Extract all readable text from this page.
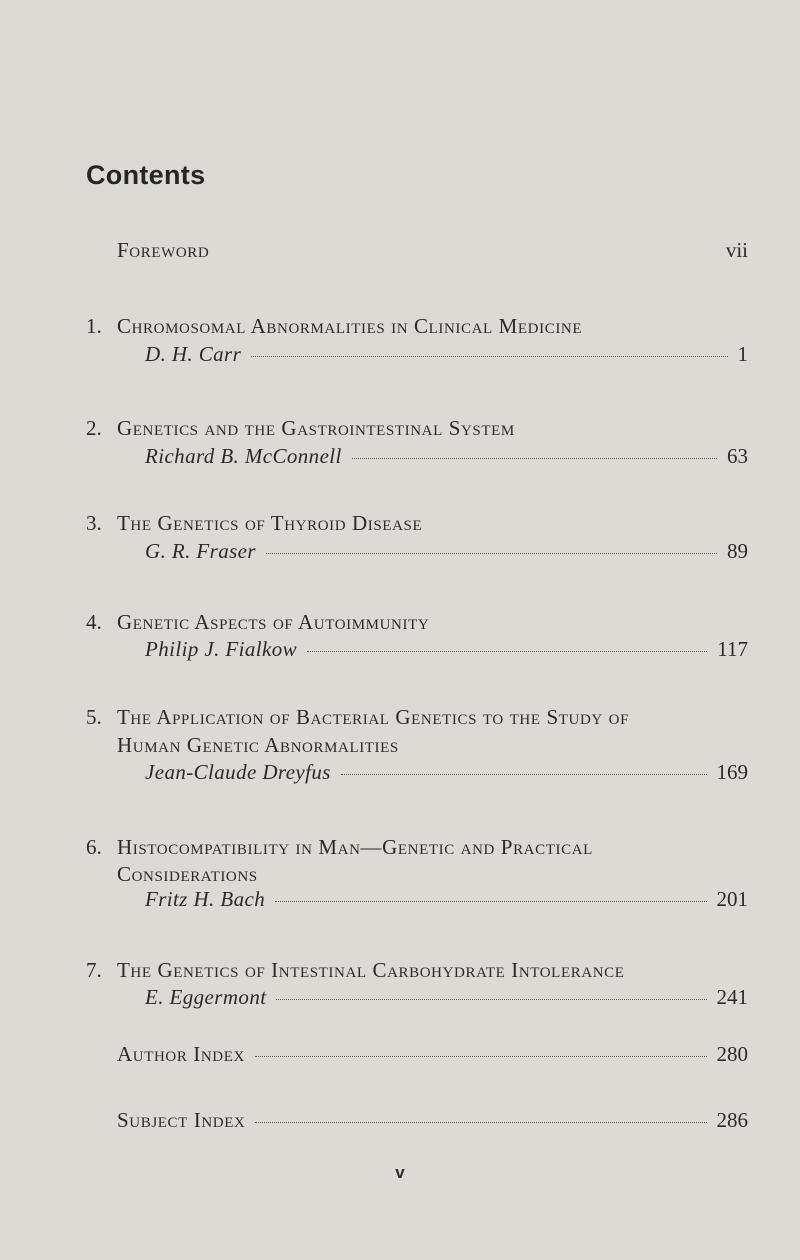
Contents
Foreword	vii
1. Chromosomal Abnormalities in Clinical Medicine
D. H. Carr	1
2. Genetics and the Gastrointestinal System
Richard B. McConnell	63
3. The Genetics of Thyroid Disease
G. R. Fraser	89
4. Genetic Aspects of Autoimmunity
Philip J. Fialkow	117
5. The Application of Bacterial Genetics to the Study of
Human Genetic Abnormalities
Jean-Claude Dreyfus	169
6. Histocompatibility in Man—Genetic and Practical
Considerations
Fritz H. Bach	201
7. The Genetics of Intestinal Carbohydrate Intolerance
E. Eggermont	241
Author Index	280
Subject Index	286
v
